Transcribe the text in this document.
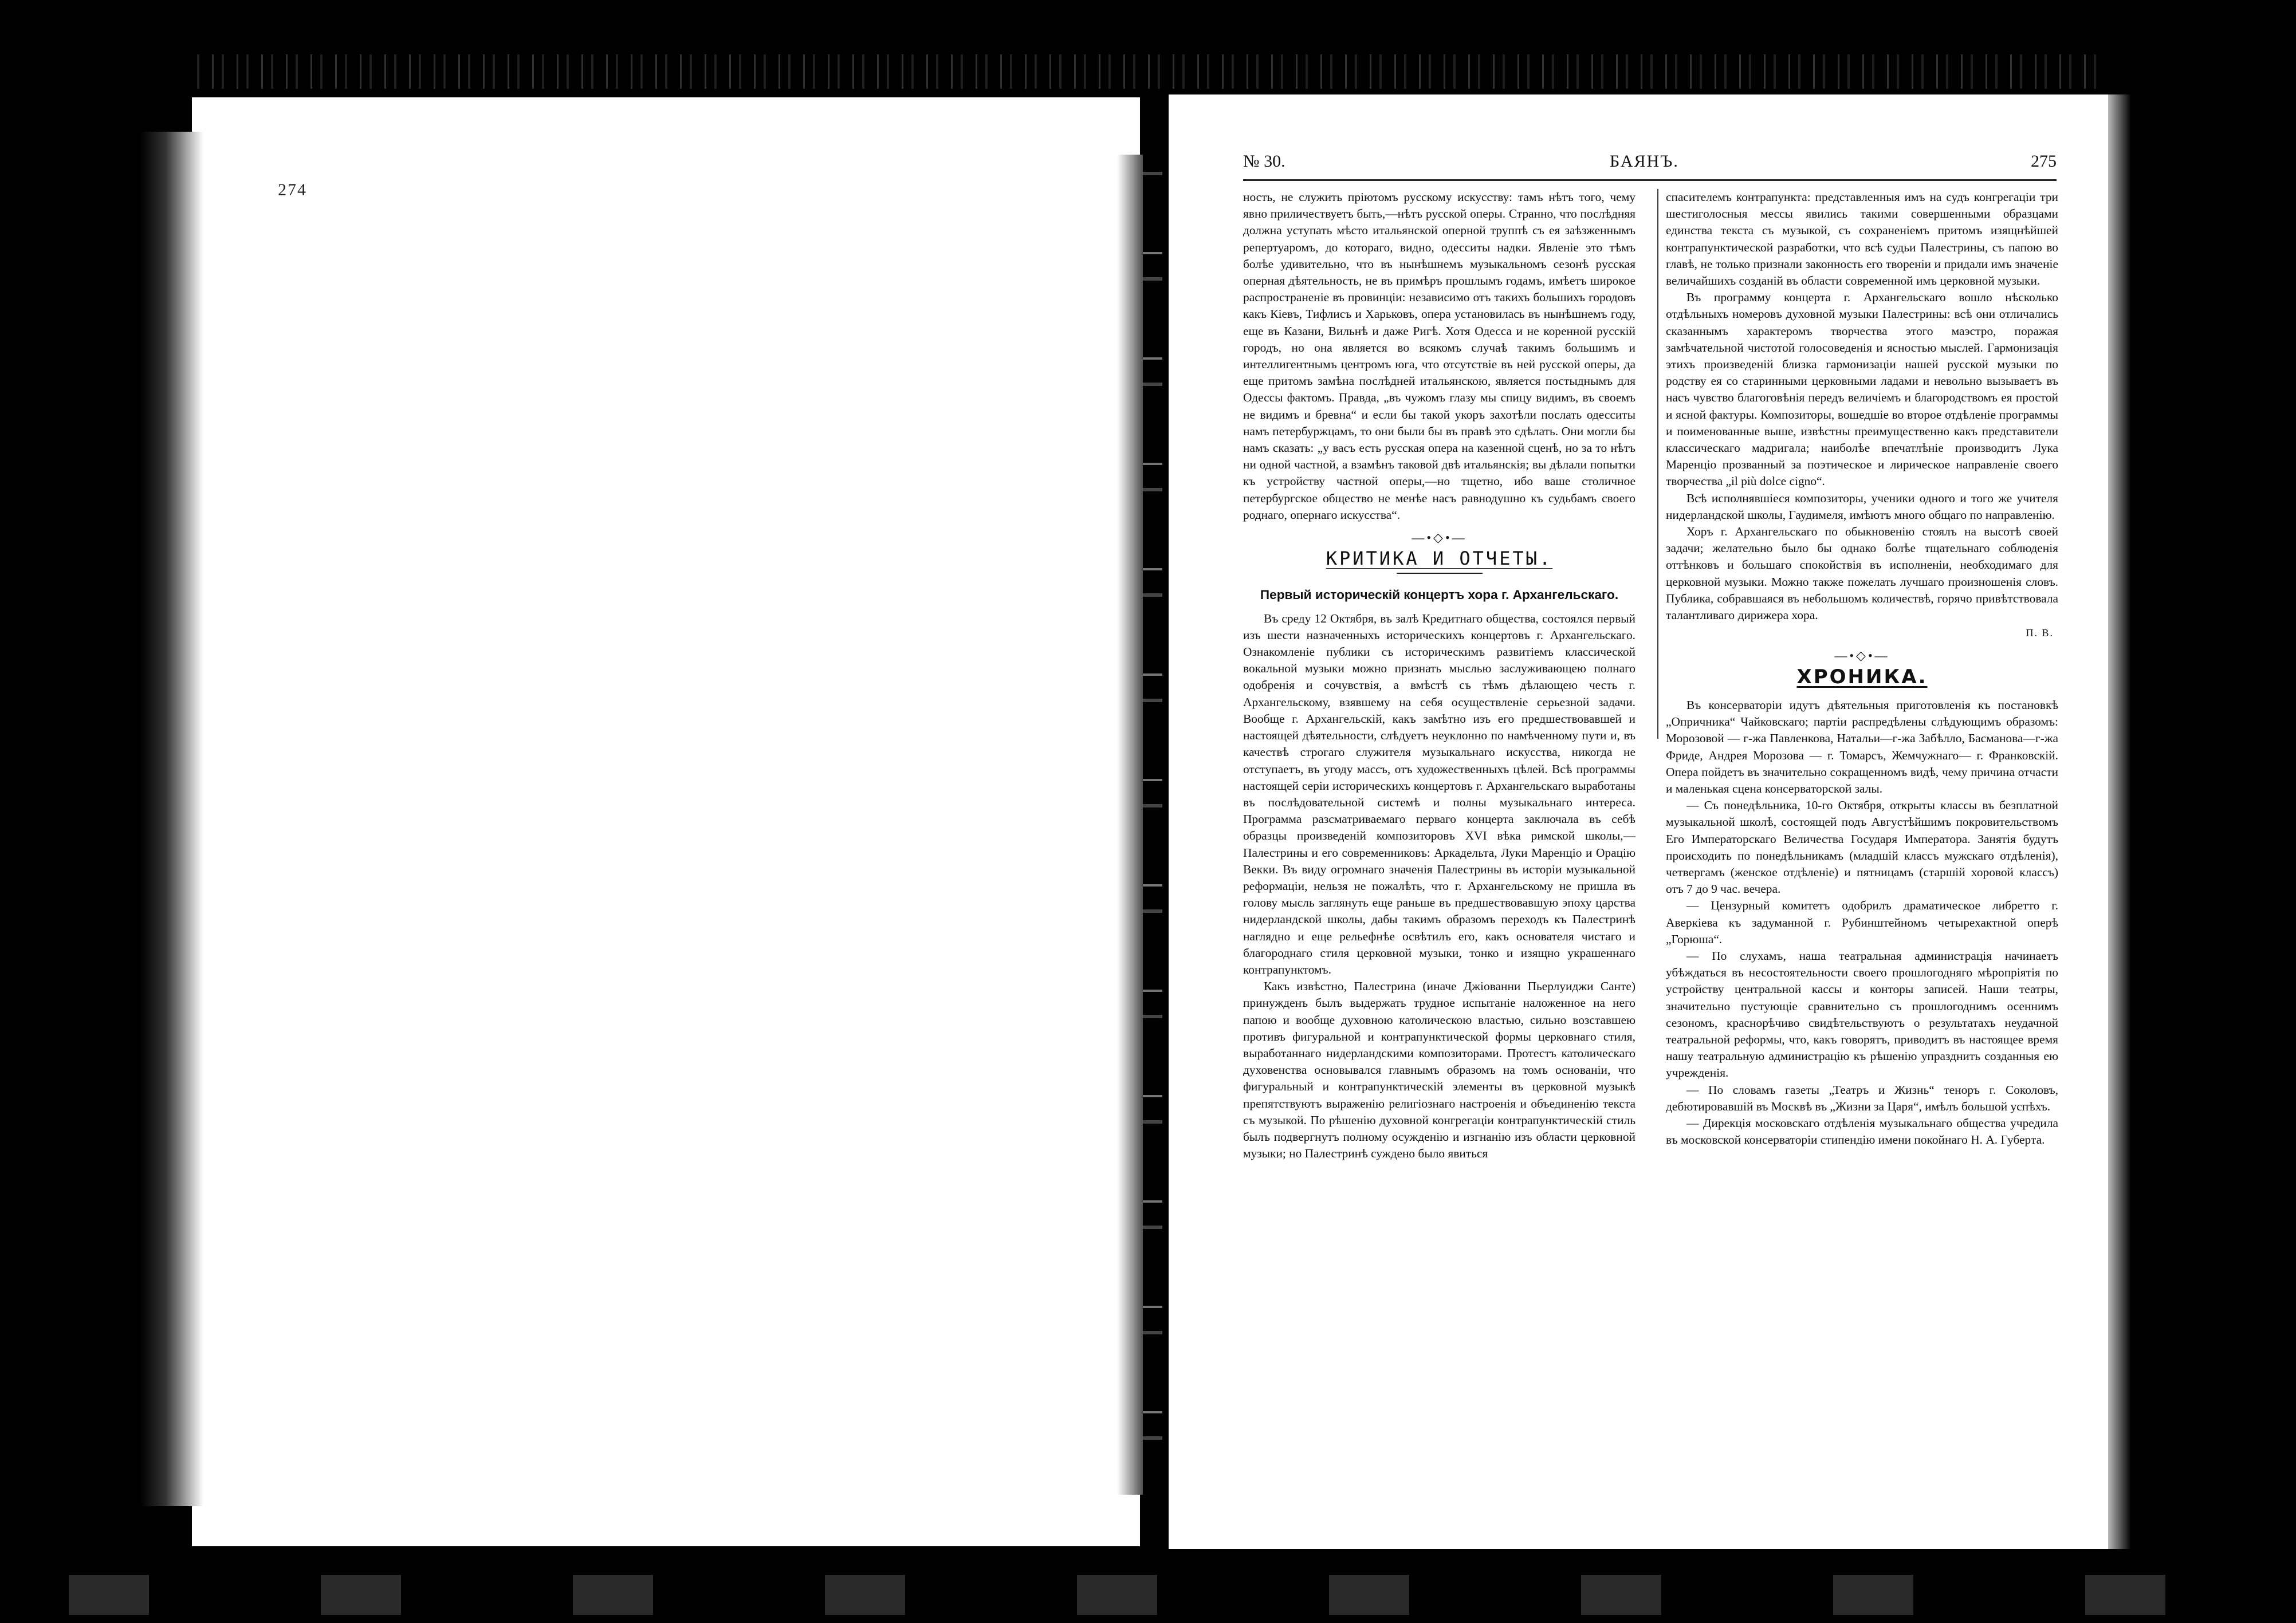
274
№ 30.	БАЯНЪ.	275

ность, не служить пріютомъ русскому искусству: тамъ нѣтъ того, чему явно приличествуетъ быть,—нѣтъ русской оперы. Странно, что послѣдняя должна уступать мѣсто итальянской оперной труппѣ съ ея заѣзженнымъ репертуаромъ, до котораго, видно, одесситы надки. Явленіе это тѣмъ болѣе удивительно, что въ нынѣшнемъ музыкальномъ сезонѣ русская оперная дѣятельность, не въ примѣръ прошлымъ годамъ, имѣетъ широкое распространеніе въ провинціи: независимо отъ такихъ большихъ городовъ какъ Кіевъ, Тифлисъ и Харьковъ, опера установилась въ нынѣшнемъ году, еще въ Казани, Вильнѣ и даже Ригѣ. Хотя Одесса и не коренной русскій городъ, но она является во всякомъ случаѣ такимъ большимъ и интеллигентнымъ центромъ юга, что отсутствіе въ ней русской оперы, да еще притомъ замѣна послѣдней итальянскою, является постыднымъ для Одессы фактомъ. Правда, „въ чужомъ глазу мы спицу видимъ, въ своемъ не видимъ и бревна“ и если бы такой укоръ захотѣли послать одесситы намъ петербуржцамъ, то они были бы въ правѣ это сдѣлать. Они могли бы намъ сказать: „у васъ есть русская опера на казенной сценѣ, но за то нѣтъ ни одной частной, а взамѣнъ таковой двѣ итальянскія; вы дѣлали попытки къ устройству частной оперы,—но тщетно, ибо ваше столичное петербургское общество не менѣе насъ равнодушно къ судьбамъ своего роднаго, опернаго искусства“.

—•◇•—
КРИТИКА И ОТЧЕТЫ.
Первый историческій концертъ хора г. Архангельскаго.

Въ среду 12 Октября, въ залѣ Кредитнаго общества, состоялся первый изъ шести назначенныхъ историческихъ концертовъ г. Архангельскаго. Ознакомленіе публики съ историческимъ развитіемъ классической вокальной музыки можно признать мыслью заслуживающею полнаго одобренія и сочувствія, а вмѣстѣ съ тѣмъ дѣлающею честь г. Архангельскому, взявшему на себя осуществленіе серьезной задачи. Вообще г. Архангельскій, какъ замѣтно изъ его предшествовавшей и настоящей дѣятельности, слѣдуетъ неуклонно по намѣченному пути и, въ качествѣ строгаго служителя музыкальнаго искусства, никогда не отступаетъ, въ угоду массъ, отъ художественныхъ цѣлей. Всѣ программы настоящей серіи историческихъ концертовъ г. Архангельскаго выработаны въ послѣдовательной системѣ и полны музыкальнаго интереса. Программа разсматриваемаго перваго концерта заключала въ себѣ образцы произведеній композиторовъ XVI вѣка римской школы,—Палестрины и его современниковъ: Аркадельта, Луки Маренціо и Орацію Векки. Въ виду огромнаго значенія Палестрины въ исторіи музыкальной реформаціи, нельзя не пожалѣть, что г. Архангельскому не пришла въ голову мысль заглянуть еще раньше въ предшествовавшую эпоху царства нидерландской школы, дабы такимъ образомъ переходъ къ Палестринѣ наглядно и еще рельефнѣе освѣтилъ его, какъ основателя чистаго и благороднаго стиля церковной музыки, тонко и изящно украшеннаго контрапунктомъ.

Какъ извѣстно, Палестрина (иначе Джіованни Пьерлуиджи Санте) принужденъ былъ выдержать трудное испытаніе наложенное на него папою и вообще духовною католическою властью, сильно возставшею противъ фигуральной и контрапунктической формы церковнаго стиля, выработаннаго нидерландскими композиторами. Протестъ католическаго духовенства основывался главнымъ образомъ на томъ основаніи, что фигуральный и контрапунктическій элементы въ церковной музыкѣ препятствуютъ выраженію религіознаго настроенія и объединенію текста съ музыкой. По рѣшенію духовной конгрегаціи контрапунктическій стиль былъ подвергнутъ полному осужденію и изгнанію изъ области церковной музыки; но Палестринѣ суждено было явиться

спасителемъ контрапункта: представленныя имъ на судъ конгрегаціи три шестиголосныя мессы явились такими совершенными образцами единства текста съ музыкой, съ сохраненіемъ притомъ изящнѣйшей контрапунктической разработки, что всѣ судьи Палестрины, съ папою во главѣ, не только признали законность его твореніи и придали имъ значеніе величайшихъ созданій въ области современной имъ церковной музыки.

Въ программу концерта г. Архангельскаго вошло нѣсколько отдѣльныхъ номеровъ духовной музыки Палестрины: всѣ они отличались сказаннымъ характеромъ творчества этого маэстро, поражая замѣчательной чистотой голосоведенія и ясностью мыслей. Гармонизація этихъ произведеній близка гармонизаціи нашей русской музыки по родству ея со старинными церковными ладами и невольно вызываетъ въ насъ чувство благоговѣнія передъ величіемъ и благородствомъ ея простой и ясной фактуры. Композиторы, вошедшіе во второе отдѣленіе программы и поименованные выше, извѣстны преимущественно какъ представители классическаго мадригала; наиболѣе впечатлѣніе производитъ Лука Маренціо прозванный за поэтическое и лирическое направленіе своего творчества „il più dolce cigno“.

Всѣ исполнявшіеся композиторы, ученики одного и того же учителя нидерландской школы, Гаудимеля, имѣютъ много общаго по направленію.

Хоръ г. Архангельскаго по обыкновенію стоялъ на высотѣ своей задачи; желательно было бы однако болѣе тщательнаго соблюденія оттѣнковъ и большаго спокойствія въ исполненіи, необходимаго для церковной музыки. Можно также пожелать лучшаго произношенія словъ. Публика, собравшаяся въ небольшомъ количествѣ, горячо привѣтствовала талантливаго дирижера хора.

П. В.
—•◇•—
ХРОНИКА.

Въ консерваторіи идутъ дѣятельныя приготовленія къ постановкѣ „Опричника“ Чайковскаго; партіи распредѣлены слѣдующимъ образомъ: Морозовой — г-жа Павленкова, Натальи—г-жа Забѣлло, Басманова—г-жа Фриде, Андрея Морозова — г. Томарсъ, Жемчужнаго— г. Франковскій. Опера пойдетъ въ значительно сокращенномъ видѣ, чему причина отчасти и маленькая сцена консерваторской залы.

— Съ понедѣльника, 10-го Октября, открыты классы въ безплатной музыкальной школѣ, состоящей подъ Августѣйшимъ покровительствомъ Его Императорскаго Величества Государя Императора. Занятія будутъ происходить по понедѣльникамъ (младшій классъ мужскаго отдѣленія), четвергамъ (женское отдѣленіе) и пятницамъ (старшій хоровой классъ) отъ 7 до 9 час. вечера.

— Цензурный комитетъ одобрилъ драматическое либретто г. Аверкіева къ задуманной г. Рубинштейномъ четырехактной оперѣ „Горюша“.

— По слухамъ, наша театральная администрація начинаетъ убѣждаться въ несостоятельности своего прошлогодняго мѣропріятія по устройству центральной кассы и конторы записей. Наши театры, значительно пустующіе сравнительно съ прошлогоднимъ осеннимъ сезономъ, краснорѣчиво свидѣтельствуютъ о результатахъ неудачной театральной реформы, что, какъ говорятъ, приводитъ въ настоящее время нашу театральную администрацію къ рѣшенію упразднить созданныя ею учрежденія.

— По словамъ газеты „Театръ и Жизнь“ теноръ г. Соколовъ, дебютировавшій въ Москвѣ въ „Жизни за Царя“, имѣлъ большой успѣхъ.

— Дирекція московскаго отдѣленія музыкальнаго общества учредила въ московской консерваторіи стипендію имени покойнаго Н. А. Губерта.
